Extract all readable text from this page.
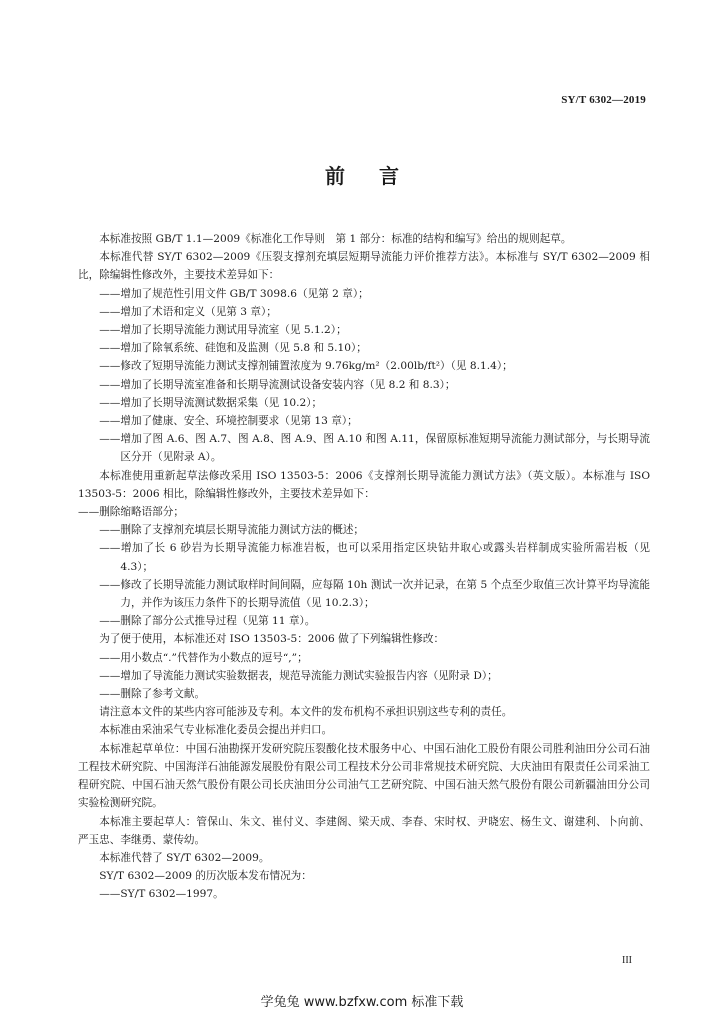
SY/T 6302—2019
前言

本标准按照 GB/T 1.1—2009《标准化工作导则　第 1 部分：标准的结构和编写》给出的规则起草。

本标准代替 SY/T 6302—2009《压裂支撑剂充填层短期导流能力评价推荐方法》。本标准与 SY/T 6302—2009 相比，除编辑性修改外，主要技术差异如下：

—— 增加了规范性引用文件 GB/T 3098.6（见第 2 章）；

—— 增加了术语和定义（见第 3 章）；

—— 增加了长期导流能力测试用导流室（见 5.1.2）；

—— 增加了除氧系统、硅饱和及监测（见 5.8 和 5.10）；

—— 修改了短期导流能力测试支撑剂铺置浓度为 9.76kg/m²（2.00lb/ft²）（见 8.1.4）；

—— 增加了长期导流室准备和长期导流测试设备安装内容（见 8.2 和 8.3）；

—— 增加了长期导流测试数据采集（见 10.2）；

—— 增加了健康、安全、环境控制要求（见第 13 章）；

—— 增加了图 A.6、图 A.7、图 A.8、图 A.9、图 A.10 和图 A.11，保留原标准短期导流能力测试部分，与长期导流区分开（见附录 A）。

本标准使用重新起草法修改采用 ISO 13503-5：2006《支撑剂长期导流能力测试方法》（英文版）。本标准与 ISO 13503-5：2006 相比，除编辑性修改外，主要技术差异如下：

—— 删除缩略语部分；

—— 删除了支撑剂充填层长期导流能力测试方法的概述；

—— 增加了长 6 砂岩为长期导流能力标准岩板，也可以采用指定区块钻井取心或露头岩样制成实验所需岩板（见 4.3）；

—— 修改了长期导流能力测试取样时间间隔，应每隔 10h 测试一次并记录，在第 5 个点至少取值三次计算平均导流能力，并作为该压力条件下的长期导流值（见 10.2.3）；

—— 删除了部分公式推导过程（见第 11 章）。

为了便于使用，本标准还对 ISO 13503-5：2006 做了下列编辑性修改：

—— 用小数点“.”代替作为小数点的逗号“,”；

—— 增加了导流能力测试实验数据表，规范导流能力测试实验报告内容（见附录 D）；

—— 删除了参考文献。

请注意本文件的某些内容可能涉及专利。本文件的发布机构不承担识别这些专利的责任。

本标准由采油采气专业标准化委员会提出并归口。

本标准起草单位：中国石油勘探开发研究院压裂酸化技术服务中心、中国石油化工股份有限公司胜利油田分公司石油工程技术研究院、中国海洋石油能源发展股份有限公司工程技术分公司非常规技术研究院、大庆油田有限责任公司采油工程研究院、中国石油天然气股份有限公司长庆油田分公司油气工艺研究院、中国石油天然气股份有限公司新疆油田分公司实验检测研究院。

本标准主要起草人：管保山、朱文、崔付义、李建阁、梁天成、李春、宋时权、尹晓宏、杨生文、谢建利、卜向前、严玉忠、李继勇、蒙传幼。

本标准代替了 SY/T 6302—2009。

SY/T 6302—2009 的历次版本发布情况为：

—— SY/T 6302—1997。

III
学兔兔 www.bzfxw.com 标准下载
